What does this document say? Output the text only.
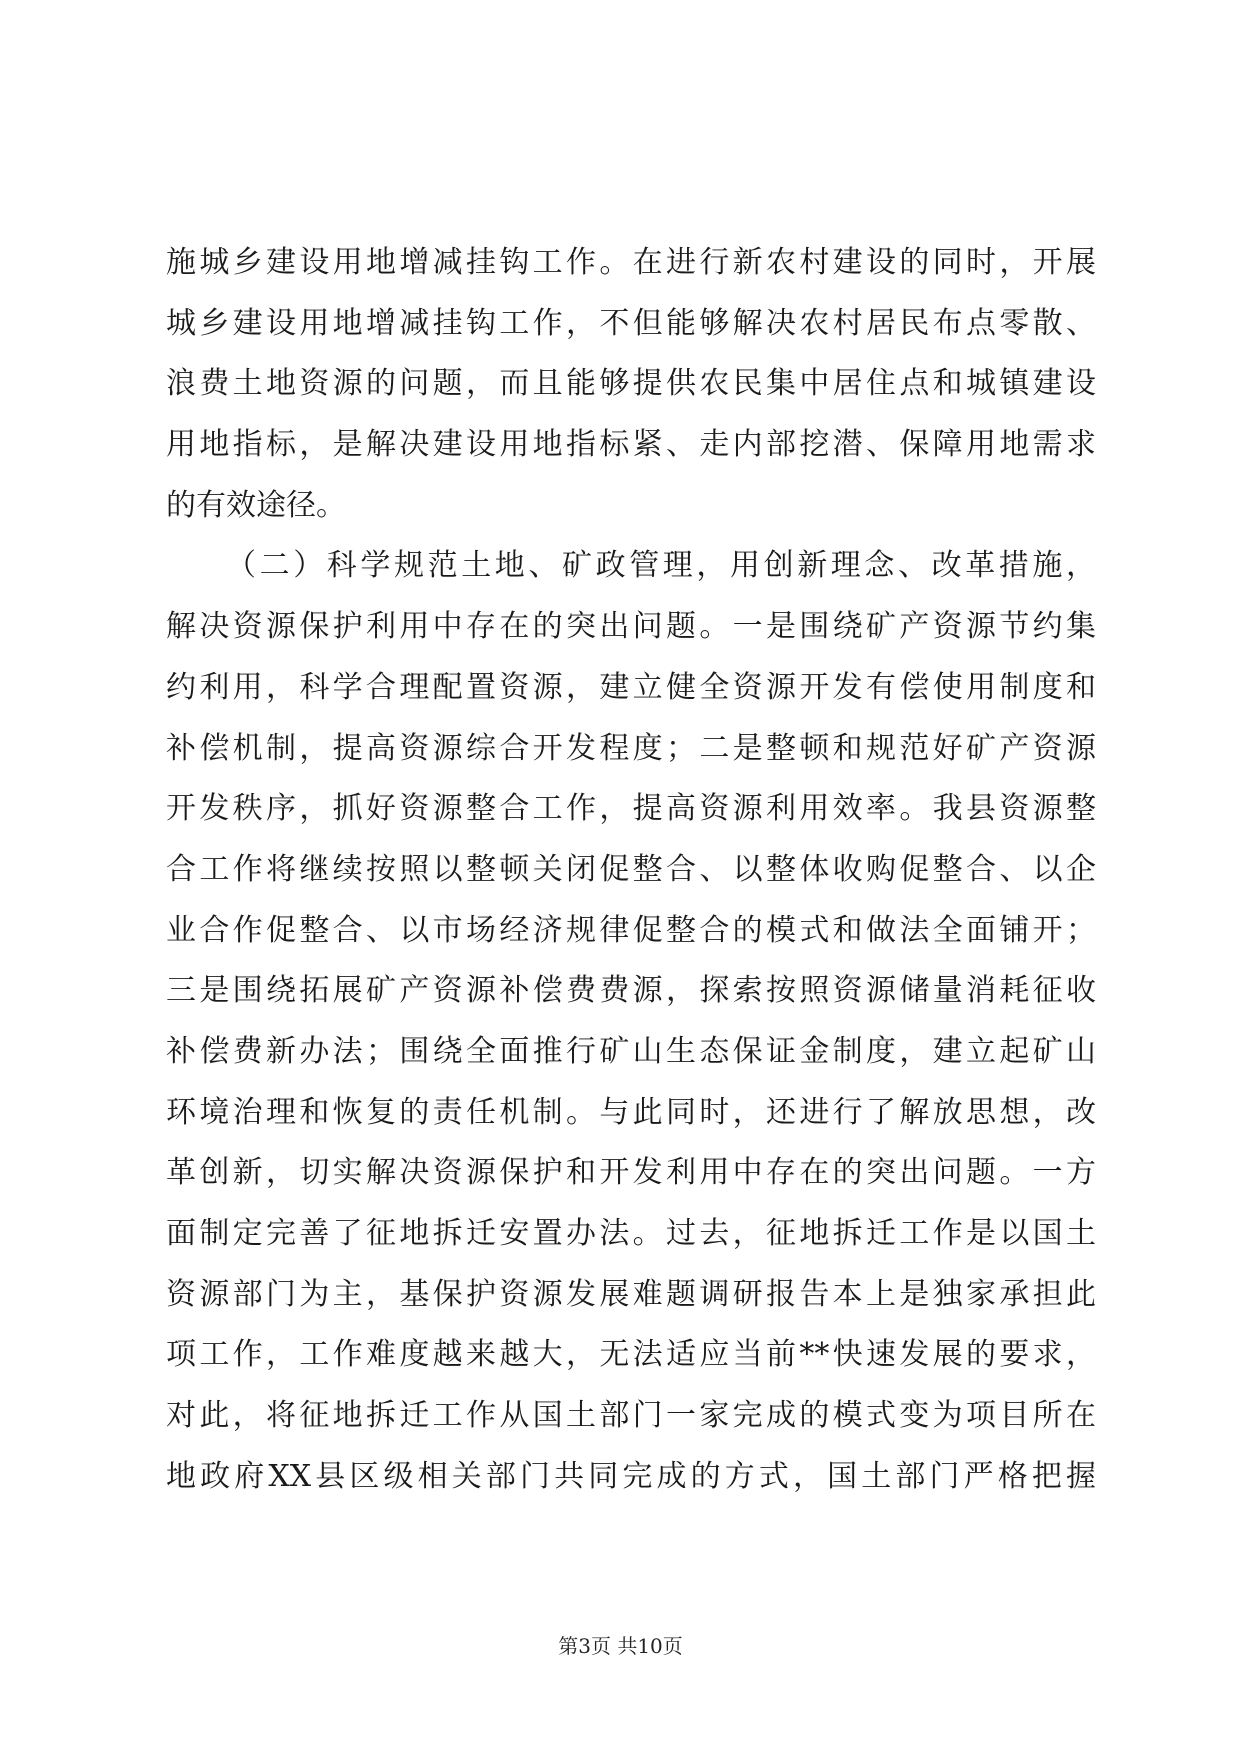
施城乡建设用地增减挂钩工作。在进行新农村建设的同时，开展
城乡建设用地增减挂钩工作，不但能够解决农村居民布点零散、
浪费土地资源的问题，而且能够提供农民集中居住点和城镇建设
用地指标，是解决建设用地指标紧、走内部挖潜、保障用地需求
的有效途径。
（二）科学规范土地、矿政管理，用创新理念、改革措施，
解决资源保护利用中存在的突出问题。一是围绕矿产资源节约集
约利用，科学合理配置资源，建立健全资源开发有偿使用制度和
补偿机制，提高资源综合开发程度；二是整顿和规范好矿产资源
开发秩序，抓好资源整合工作，提高资源利用效率。我县资源整
合工作将继续按照以整顿关闭促整合、以整体收购促整合、以企
业合作促整合、以市场经济规律促整合的模式和做法全面铺开；
三是围绕拓展矿产资源补偿费费源，探索按照资源储量消耗征收
补偿费新办法；围绕全面推行矿山生态保证金制度，建立起矿山
环境治理和恢复的责任机制。与此同时，还进行了解放思想，改
革创新，切实解决资源保护和开发利用中存在的突出问题。一方
面制定完善了征地拆迁安置办法。过去，征地拆迁工作是以国土
资源部门为主，基保护资源发展难题调研报告本上是独家承担此
项工作，工作难度越来越大，无法适应当前**快速发展的要求，
对此，将征地拆迁工作从国土部门一家完成的模式变为项目所在
地政府XX县区级相关部门共同完成的方式，国土部门严格把握
第3页 共10页
